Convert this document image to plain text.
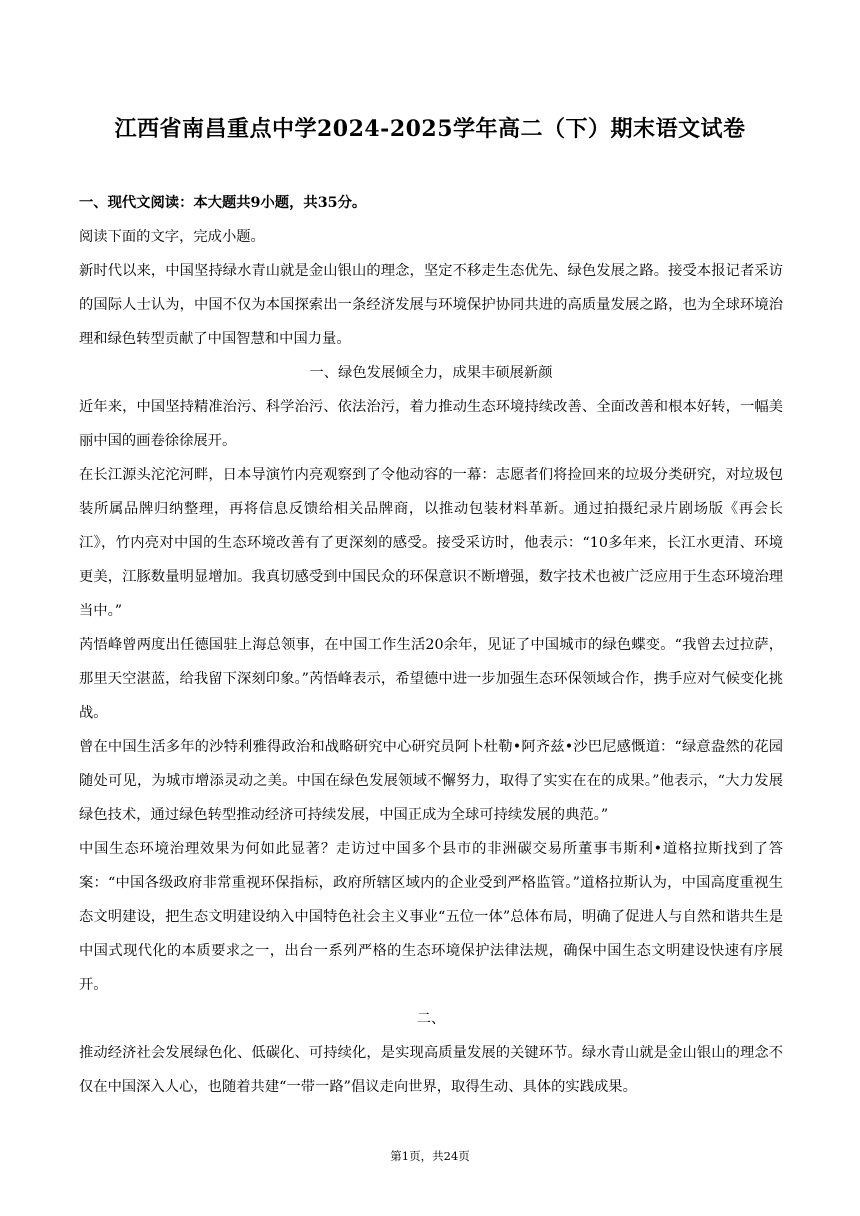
江西省南昌重点中学2024-2025学年高二（下）期末语文试卷

一、现代文阅读：本大题共9小题，共35分。

阅读下面的文字，完成小题。

新时代以来，中国坚持绿水青山就是金山银山的理念，坚定不移走生态优先、绿色发展之路。接受本报记者采访的国际人士认为，中国不仅为本国探索出一条经济发展与环境保护协同共进的高质量发展之路，也为全球环境治理和绿色转型贡献了中国智慧和中国力量。

一、绿色发展倾全力，成果丰硕展新颜

近年来，中国坚持精准治污、科学治污、依法治污，着力推动生态环境持续改善、全面改善和根本好转，一幅美丽中国的画卷徐徐展开。

在长江源头沱沱河畔，日本导演竹内亮观察到了令他动容的一幕：志愿者们将捡回来的垃圾分类研究，对垃圾包装所属品牌归纳整理，再将信息反馈给相关品牌商，以推动包装材料革新。通过拍摄纪录片剧场版《再会长江》，竹内亮对中国的生态环境改善有了更深刻的感受。接受采访时，他表示：“10多年来，长江水更清、环境更美，江豚数量明显增加。我真切感受到中国民众的环保意识不断增强，数字技术也被广泛应用于生态环境治理当中。”

芮悟峰曾两度出任德国驻上海总领事，在中国工作生活20余年，见证了中国城市的绿色蝶变。“我曾去过拉萨，那里天空湛蓝，给我留下深刻印象。”芮悟峰表示，希望德中进一步加强生态环保领域合作，携手应对气候变化挑战。

曾在中国生活多年的沙特利雅得政治和战略研究中心研究员阿卜杜勒•阿齐兹•沙巴尼感慨道：“绿意盎然的花园随处可见，为城市增添灵动之美。中国在绿色发展领域不懈努力，取得了实实在在的成果。”他表示，“大力发展绿色技术，通过绿色转型推动经济可持续发展，中国正成为全球可持续发展的典范。”

中国生态环境治理效果为何如此显著？走访过中国多个县市的非洲碳交易所董事韦斯利•道格拉斯找到了答案：“中国各级政府非常重视环保指标，政府所辖区域内的企业受到严格监管。”道格拉斯认为，中国高度重视生态文明建设，把生态文明建设纳入中国特色社会主义事业“五位一体”总体布局，明确了促进人与自然和谐共生是中国式现代化的本质要求之一，出台一系列严格的生态环境保护法律法规，确保中国生态文明建设快速有序展开。

二、

推动经济社会发展绿色化、低碳化、可持续化，是实现高质量发展的关键环节。绿水青山就是金山银山的理念不仅在中国深入人心，也随着共建“一带一路”倡议走向世界，取得生动、具体的实践成果。

第1页，共24页
